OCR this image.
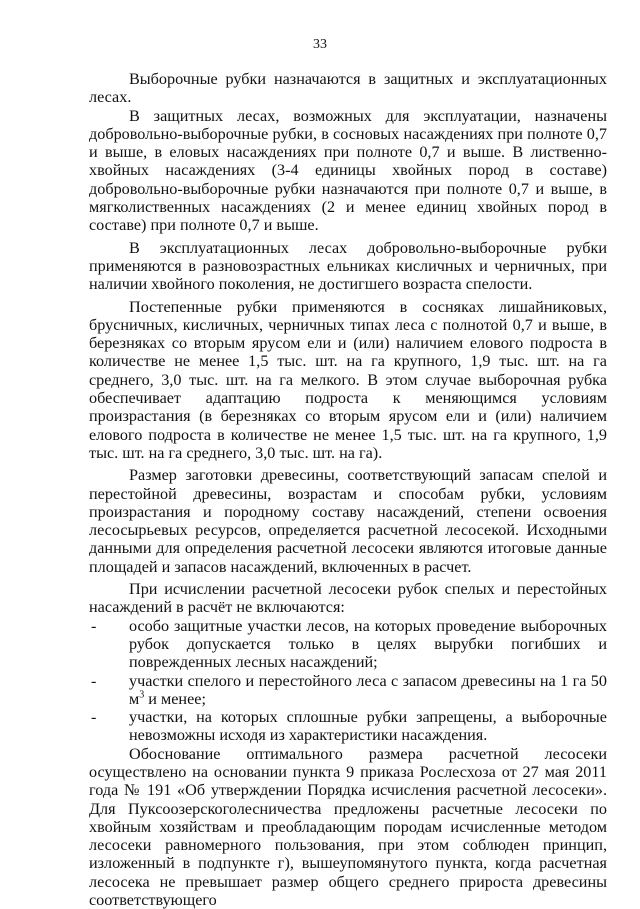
33

Выборочные рубки назначаются в защитных и эксплуатационных лесах.

В защитных лесах, возможных для эксплуатации, назначены добровольно-выборочные рубки, в сосновых насаждениях при полноте 0,7 и выше, в еловых насаждениях при полноте 0,7 и выше. В лиственно-хвойных насаждениях (3-4 единицы хвойных пород в составе) добровольно-выборочные рубки назначаются при полноте 0,7 и выше, в мягколиственных насаждениях (2 и менее единиц хвойных пород в составе) при полноте 0,7 и выше.

В эксплуатационных лесах добровольно-выборочные рубки применяются в разновозрастных ельниках кисличных и черничных, при наличии хвойного поколения, не достигшего возраста спелости.

Постепенные рубки применяются в сосняках лишайниковых, брусничных, кисличных, черничных типах леса с полнотой 0,7 и выше, в березняках со вторым ярусом ели и (или) наличием елового подроста в количестве не менее 1,5 тыс. шт. на га крупного, 1,9 тыс. шт. на га среднего, 3,0 тыс. шт. на га мелкого. В этом случае выборочная рубка обеспечивает адаптацию подроста к меняющимся условиям произрастания (в березняках со вторым ярусом ели и (или) наличием елового подроста в количестве не менее 1,5 тыс. шт. на га крупного, 1,9 тыс. шт. на га среднего, 3,0 тыс. шт. на га).

Размер заготовки древесины, соответствующий запасам спелой и перестойной древесины, возрастам и способам рубки, условиям произрастания и породному составу насаждений, степени освоения лесосырьевых ресурсов, определяется расчетной лесосекой. Исходными данными для определения расчетной лесосеки являются итоговые данные площадей и запасов насаждений, включенных в расчет.

При исчислении расчетной лесосеки рубок спелых и перестойных насаждений в расчёт не включаются:

- особо защитные участки лесов, на которых проведение выборочных рубок допускается только в целях вырубки погибших и поврежденных лесных насаждений;

- участки спелого и перестойного леса с запасом древесины на 1 га 50 $м^3$ и менее;

- участки, на которых сплошные рубки запрещены, а выборочные невозможны исходя из характеристики насаждения.

Обоснование оптимального размера расчетной лесосеки осуществлено на основании пункта 9 приказа Рослесхоза от 27 мая 2011 года № 191 «Об утверждении Порядка исчисления расчетной лесосеки». Для Пуксоозерскоголесничества предложены расчетные лесосеки по хвойным хозяйствам и преобладающим породам исчисленные методом лесосеки равномерного пользования, при этом соблюден принцип, изложенный в подпункте г), вышеупомянутого пункта, когда расчетная лесосека не превышает размер общего среднего прироста древесины соответствующего
